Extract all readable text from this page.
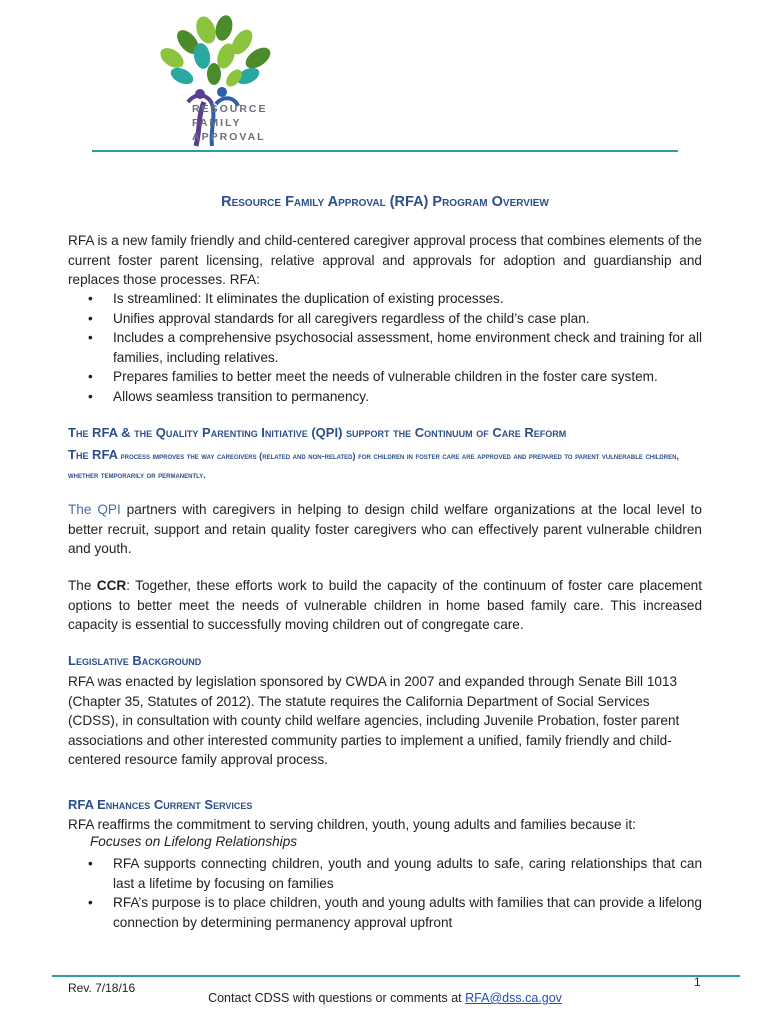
RESOURCE
FAMILY
APPROVAL
Resource Family Approval (RFA) Program Overview
RFA is a new family friendly and child-centered caregiver approval process that combines elements of the current foster parent licensing, relative approval and approvals for adoption and guardianship and replaces those processes. RFA:
• Is streamlined: It eliminates the duplication of existing processes.
• Unifies approval standards for all caregivers regardless of the child’s case plan.
• Includes a comprehensive psychosocial assessment, home environment check and training for all families, including relatives.
• Prepares families to better meet the needs of vulnerable children in the foster care system.
• Allows seamless transition to permanency.
The RFA & the Quality Parenting Initiative (QPI) support the Continuum of Care Reform
The RFA process improves the way caregivers (related and non-related) for children in foster care are approved and prepared to parent vulnerable children, whether temporarily or permanently.
The QPI partners with caregivers in helping to design child welfare organizations at the local level to better recruit, support and retain quality foster caregivers who can effectively parent vulnerable children and youth.
The CCR: Together, these efforts work to build the capacity of the continuum of foster care placement options to better meet the needs of vulnerable children in home based family care. This increased capacity is essential to successfully moving children out of congregate care.
Legislative Background
RFA was enacted by legislation sponsored by CWDA in 2007 and expanded through Senate Bill 1013 (Chapter 35, Statutes of 2012). The statute requires the California Department of Social Services (CDSS), in consultation with county child welfare agencies, including Juvenile Probation, foster parent associations and other interested community parties to implement a unified, family friendly and child-centered resource family approval process.
RFA Enhances Current Services
RFA reaffirms the commitment to serving children, youth, young adults and families because it:
Focuses on Lifelong Relationships
• RFA supports connecting children, youth and young adults to safe, caring relationships that can last a lifetime by focusing on families
• RFA’s purpose is to place children, youth and young adults with families that can provide a lifelong connection by determining permanency approval upfront
Rev. 7/18/16	1
Contact CDSS with questions or comments at RFA@dss.ca.gov
